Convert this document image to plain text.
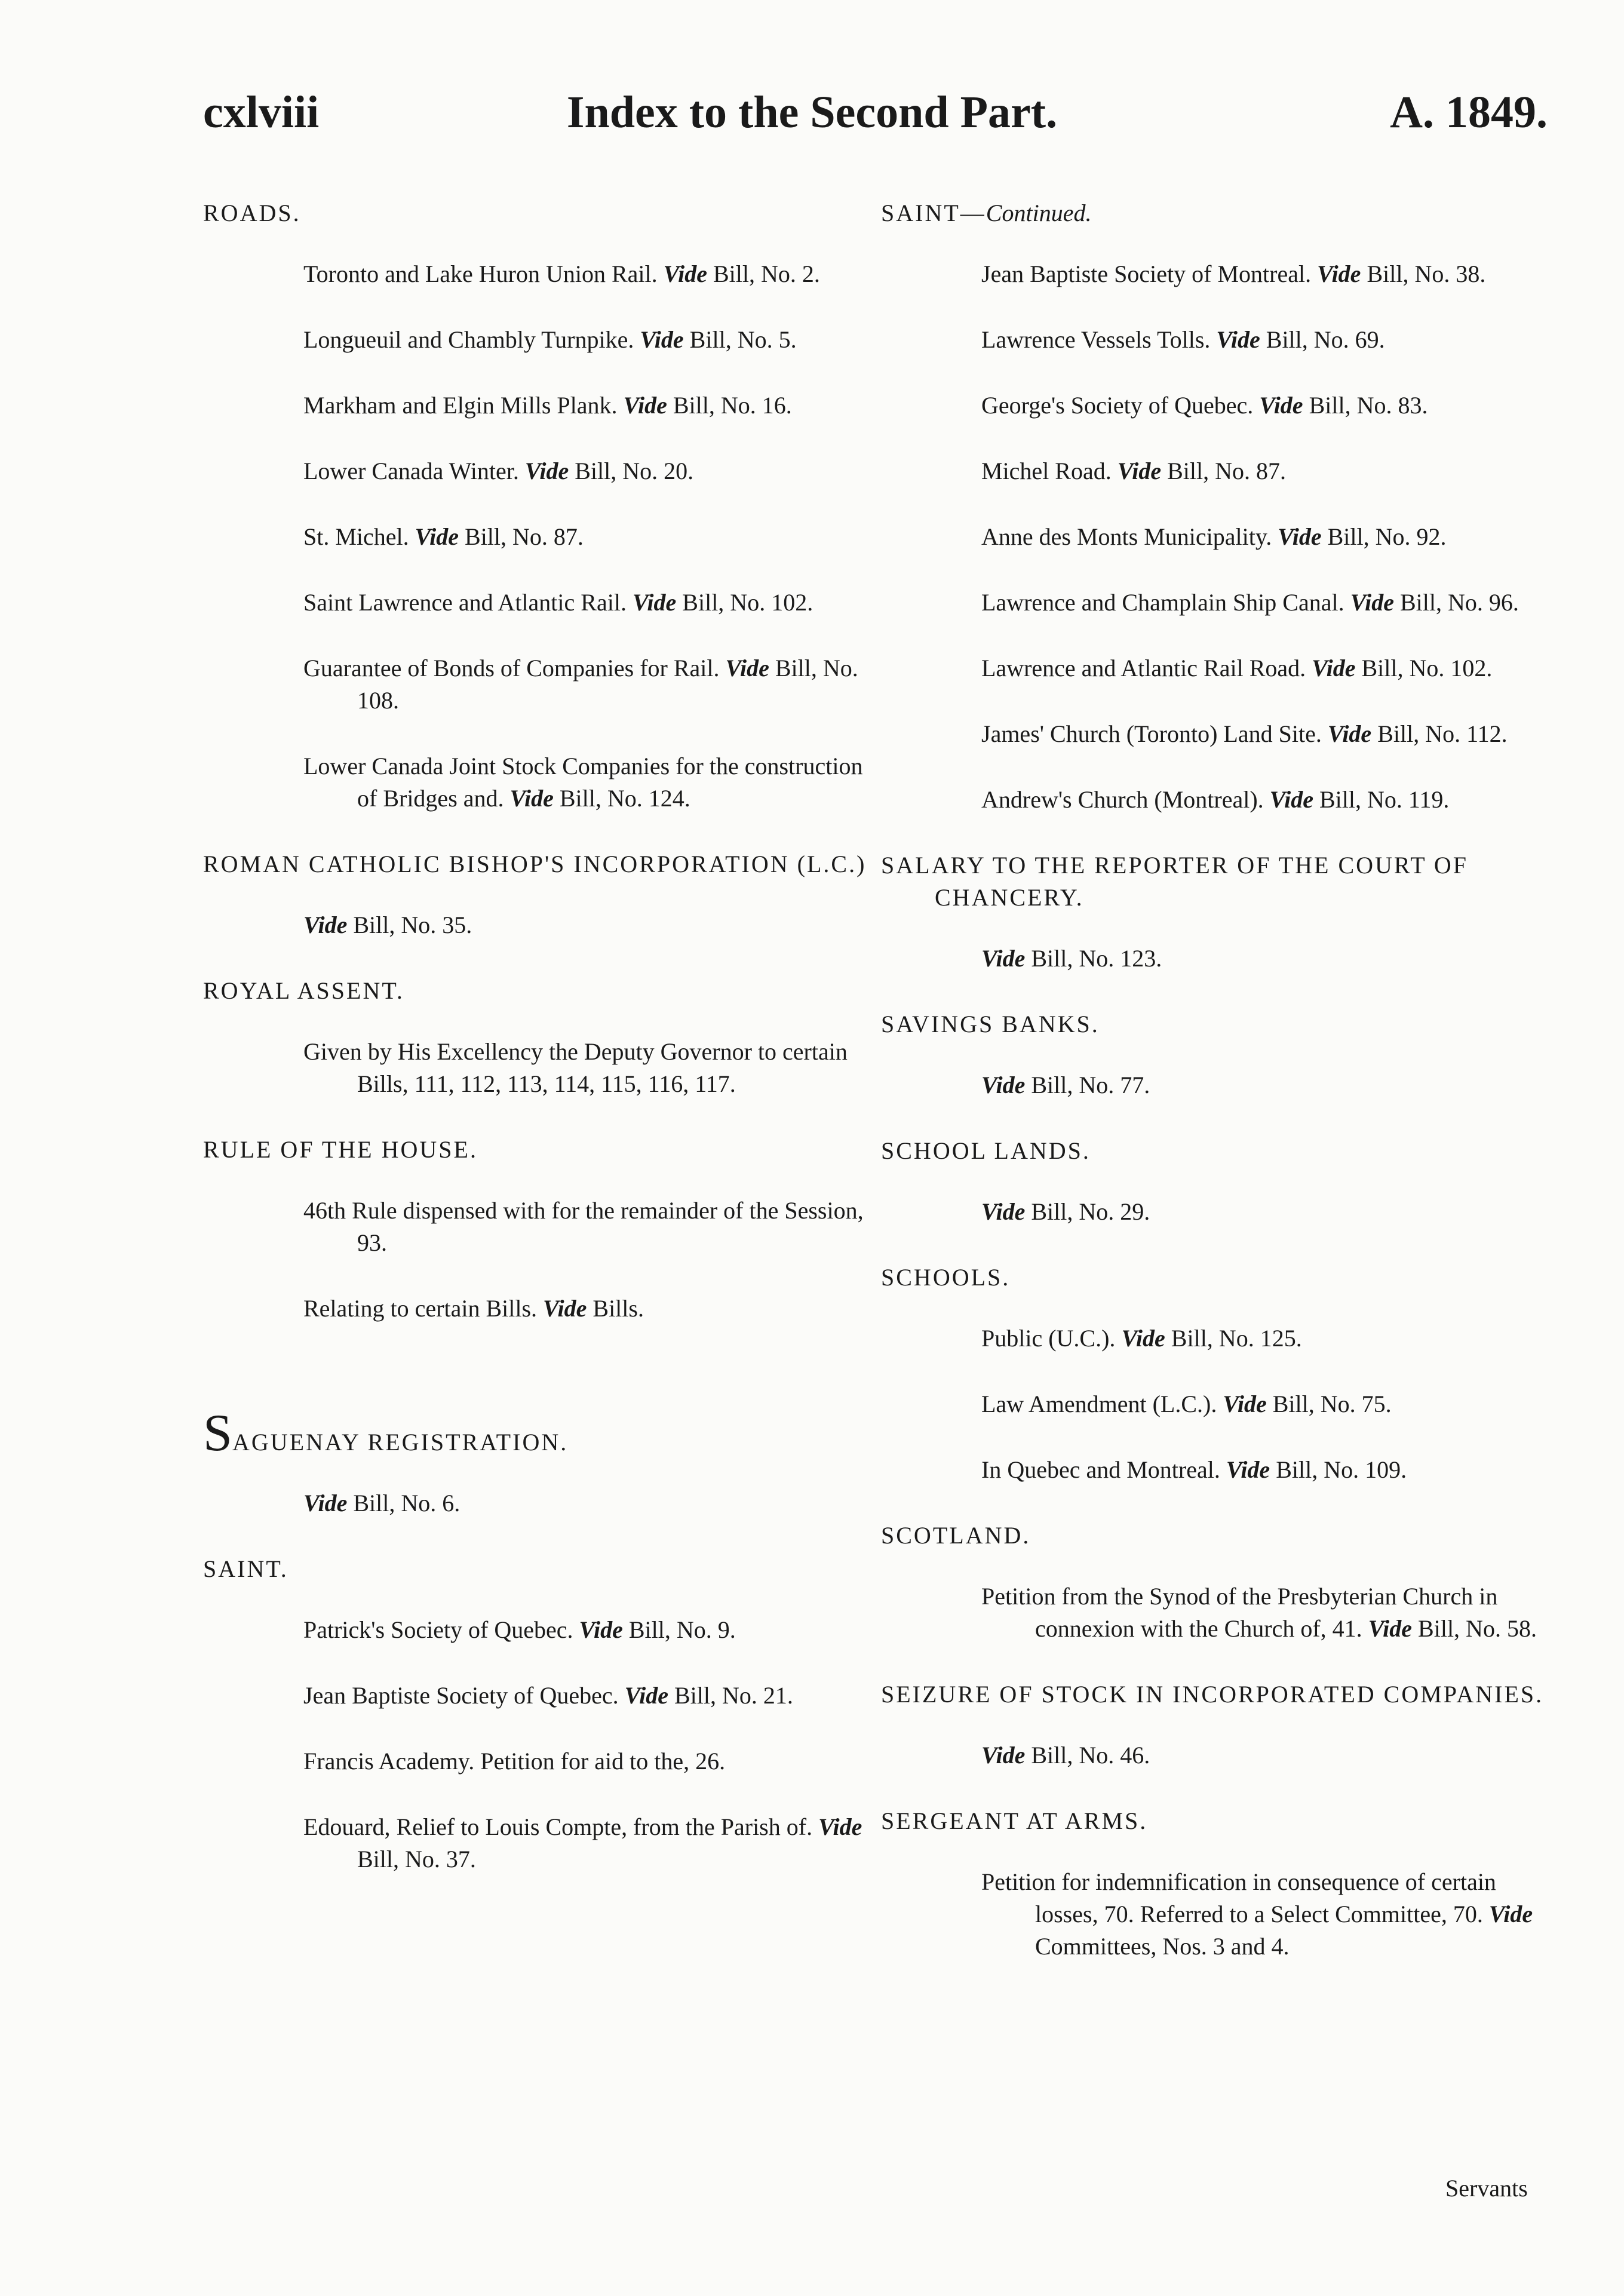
cxlviii	Index to the Second Part.	A. 1849.
ROADS.
Toronto and Lake Huron Union Rail. Vide Bill, No. 2.
Longueuil and Chambly Turnpike. Vide Bill, No. 5.
Markham and Elgin Mills Plank. Vide Bill, No. 16.
Lower Canada Winter. Vide Bill, No. 20.
St. Michel. Vide Bill, No. 87.
Saint Lawrence and Atlantic Rail. Vide Bill, No. 102.
Guarantee of Bonds of Companies for Rail. Vide Bill, No. 108.
Lower Canada Joint Stock Companies for the construction of Bridges and. Vide Bill, No. 124.
ROMAN CATHOLIC BISHOP'S INCORPORATION (L.C.)
Vide Bill, No. 35.
ROYAL ASSENT.
Given by His Excellency the Deputy Governor to certain Bills, 111, 112, 113, 114, 115, 116, 117.
RULE OF THE HOUSE.
46th Rule dispensed with for the remainder of the Session, 93.
Relating to certain Bills. Vide Bills.
SAGUENAY REGISTRATION.
Vide Bill, No. 6.
SAINT.
Patrick's Society of Quebec. Vide Bill, No. 9.
Jean Baptiste Society of Quebec. Vide Bill, No. 21.
Francis Academy. Petition for aid to the, 26.
Edouard, Relief to Louis Compte, from the Parish of. Vide Bill, No. 37.
SAINT—Continued.
Jean Baptiste Society of Montreal. Vide Bill, No. 38.
Lawrence Vessels Tolls. Vide Bill, No. 69.
George's Society of Quebec. Vide Bill, No. 83.
Michel Road. Vide Bill, No. 87.
Anne des Monts Municipality. Vide Bill, No. 92.
Lawrence and Champlain Ship Canal. Vide Bill, No. 96.
Lawrence and Atlantic Rail Road. Vide Bill, No. 102.
James' Church (Toronto) Land Site. Vide Bill, No. 112.
Andrew's Church (Montreal). Vide Bill, No. 119.
SALARY TO THE REPORTER OF THE COURT OF CHANCERY.
Vide Bill, No. 123.
SAVINGS BANKS.
Vide Bill, No. 77.
SCHOOL LANDS.
Vide Bill, No. 29.
SCHOOLS.
Public (U.C.). Vide Bill, No. 125.
Law Amendment (L.C.). Vide Bill, No. 75.
In Quebec and Montreal. Vide Bill, No. 109.
SCOTLAND.
Petition from the Synod of the Presbyterian Church in connexion with the Church of, 41. Vide Bill, No. 58.
SEIZURE OF STOCK IN INCORPORATED COMPANIES.
Vide Bill, No. 46.
SERGEANT AT ARMS.
Petition for indemnification in consequence of certain losses, 70. Referred to a Select Committee, 70. Vide Committees, Nos. 3 and 4.
Servants
